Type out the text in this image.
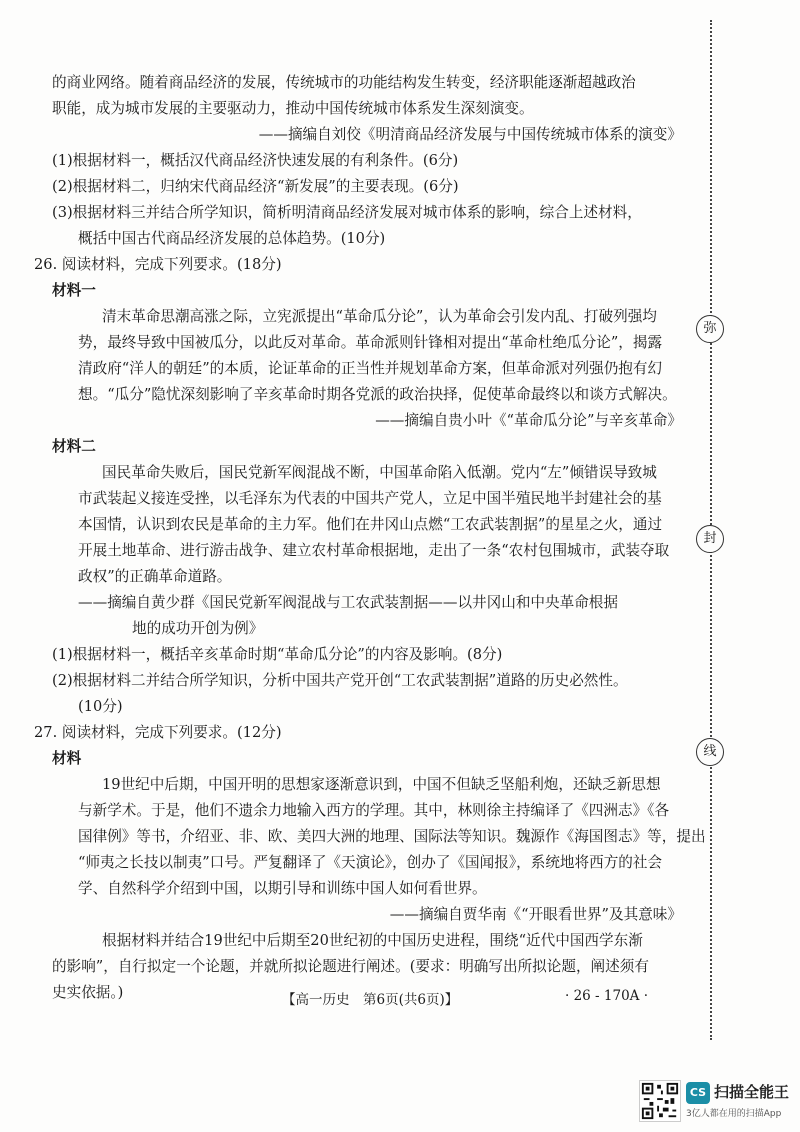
的商业网络。随着商品经济的发展，传统城市的功能结构发生转变，经济职能逐渐超越政治

职能，成为城市发展的主要驱动力，推动中国传统城市体系发生深刻演变。

——摘编自刘佼《明清商品经济发展与中国传统城市体系的演变》

(1)根据材料一，概括汉代商品经济快速发展的有利条件。(6分)

(2)根据材料二，归纳宋代商品经济“新发展”的主要表现。(6分)

(3)根据材料三并结合所学知识，简析明清商品经济发展对城市体系的影响，综合上述材料，

概括中国古代商品经济发展的总体趋势。(10分)

26. 阅读材料，完成下列要求。(18分)

材料一

清末革命思潮高涨之际，立宪派提出“革命瓜分论”，认为革命会引发内乱、打破列强均

势，最终导致中国被瓜分，以此反对革命。革命派则针锋相对提出“革命杜绝瓜分论”，揭露

清政府“洋人的朝廷”的本质，论证革命的正当性并规划革命方案，但革命派对列强仍抱有幻

想。“瓜分”隐忧深刻影响了辛亥革命时期各党派的政治抉择，促使革命最终以和谈方式解决。

——摘编自贵小叶《“革命瓜分论”与辛亥革命》

材料二

国民革命失败后，国民党新军阀混战不断，中国革命陷入低潮。党内“左”倾错误导致城

市武装起义接连受挫，以毛泽东为代表的中国共产党人，立足中国半殖民地半封建社会的基

本国情，认识到农民是革命的主力军。他们在井冈山点燃“工农武装割据”的星星之火，通过

开展土地革命、进行游击战争、建立农村革命根据地，走出了一条“农村包围城市，武装夺取

政权”的正确革命道路。

——摘编自黄少群《国民党新军阀混战与工农武装割据——以井冈山和中央革命根据

地的成功开创为例》

(1)根据材料一，概括辛亥革命时期“革命瓜分论”的内容及影响。(8分)

(2)根据材料二并结合所学知识，分析中国共产党开创“工农武装割据”道路的历史必然性。

(10分)

27. 阅读材料，完成下列要求。(12分)

材料

19世纪中后期，中国开明的思想家逐渐意识到，中国不但缺乏坚船利炮，还缺乏新思想

与新学术。于是，他们不遗余力地输入西方的学理。其中，林则徐主持编译了《四洲志》《各

国律例》等书，介绍亚、非、欧、美四大洲的地理、国际法等知识。魏源作《海国图志》等，提出

“师夷之长技以制夷”口号。严复翻译了《天演论》，创办了《国闻报》，系统地将西方的社会

学、自然科学介绍到中国，以期引导和训练中国人如何看世界。

——摘编自贾华南《“开眼看世界”及其意味》

根据材料并结合19世纪中后期至20世纪初的中国历史进程，围绕“近代中国西学东渐

的影响”，自行拟定一个论题，并就所拟论题进行阐述。(要求：明确写出所拟论题，阐述须有

史实依据。)

弥
封
线
【高一历史　第6页(共6页)】	· 26 - 170A ·
CS 扫描全能王
3亿人都在用的扫描App
